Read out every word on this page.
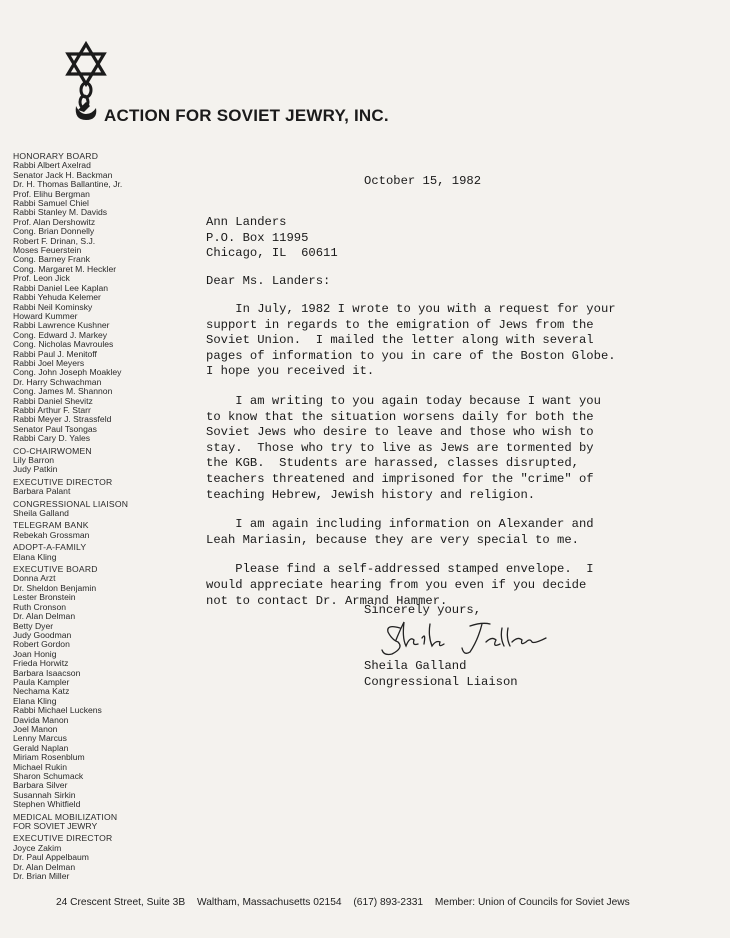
ACTION FOR SOVIET JEWRY, INC.
HONORARY BOARD
Rabbi Albert Axelrad
Senator Jack H. Backman
Dr. H. Thomas Ballantine, Jr.
Prof. Elihu Bergman
Rabbi Samuel Chiel
Rabbi Stanley M. Davids
Prof. Alan Dershowitz
Cong. Brian Donnelly
Robert F. Drinan, S.J.
Moses Feuerstein
Cong. Barney Frank
Cong. Margaret M. Heckler
Prof. Leon Jick
Rabbi Daniel Lee Kaplan
Rabbi Yehuda Kelemer
Rabbi Neil Kominsky
Howard Kummer
Rabbi Lawrence Kushner
Cong. Edward J. Markey
Cong. Nicholas Mavroules
Rabbi Paul J. Menitoff
Rabbi Joel Meyers
Cong. John Joseph Moakley
Dr. Harry Schwachman
Cong. James M. Shannon
Rabbi Daniel Shevitz
Rabbi Arthur F. Starr
Rabbi Meyer J. Strassfeld
Senator Paul Tsongas
Rabbi Cary D. Yales
CO-CHAIRWOMEN
Lily Barron
Judy Patkin
EXECUTIVE DIRECTOR
Barbara Palant
CONGRESSIONAL LIAISON
Sheila Galland
TELEGRAM BANK
Rebekah Grossman
ADOPT-A-FAMILY
Elana Kling
EXECUTIVE BOARD
Donna Arzt
Dr. Sheldon Benjamin
Lester Bronstein
Ruth Cronson
Dr. Alan Delman
Betty Dyer
Judy Goodman
Robert Gordon
Joan Honig
Frieda Horwitz
Barbara Isaacson
Paula Kampler
Nechama Katz
Elana Kling
Rabbi Michael Luckens
Davida Manon
Joel Manon
Lenny Marcus
Gerald Naplan
Miriam Rosenblum
Michael Rukin
Sharon Schumack
Barbara Silver
Susannah Sirkin
Stephen Whitfield
MEDICAL MOBILIZATION
FOR SOVIET JEWRY
EXECUTIVE DIRECTOR
Joyce Zakim
Dr. Paul Appelbaum
Dr. Alan Delman
Dr. Brian Miller
October 15, 1982
Ann Landers
P.O. Box 11995
Chicago, IL  60611
Dear Ms. Landers:
In July, 1982 I wrote to you with a request for your
support in regards to the emigration of Jews from the
Soviet Union.  I mailed the letter along with several
pages of information to you in care of the Boston Globe.
I hope you received it.
I am writing to you again today because I want you
to know that the situation worsens daily for both the
Soviet Jews who desire to leave and those who wish to
stay.  Those who try to live as Jews are tormented by
the KGB.  Students are harassed, classes disrupted,
teachers threatened and imprisoned for the "crime" of
teaching Hebrew, Jewish history and religion.
I am again including information on Alexander and
Leah Mariasin, because they are very special to me.
Please find a self-addressed stamped envelope.  I
would appreciate hearing from you even if you decide
not to contact Dr. Armand Hammer.
Sincerely yours,
Sheila Galland
Congressional Liaison
24 Crescent Street, Suite 3B Waltham, Massachusetts 02154 (617) 893-2331 Member: Union of Councils for Soviet Jews
